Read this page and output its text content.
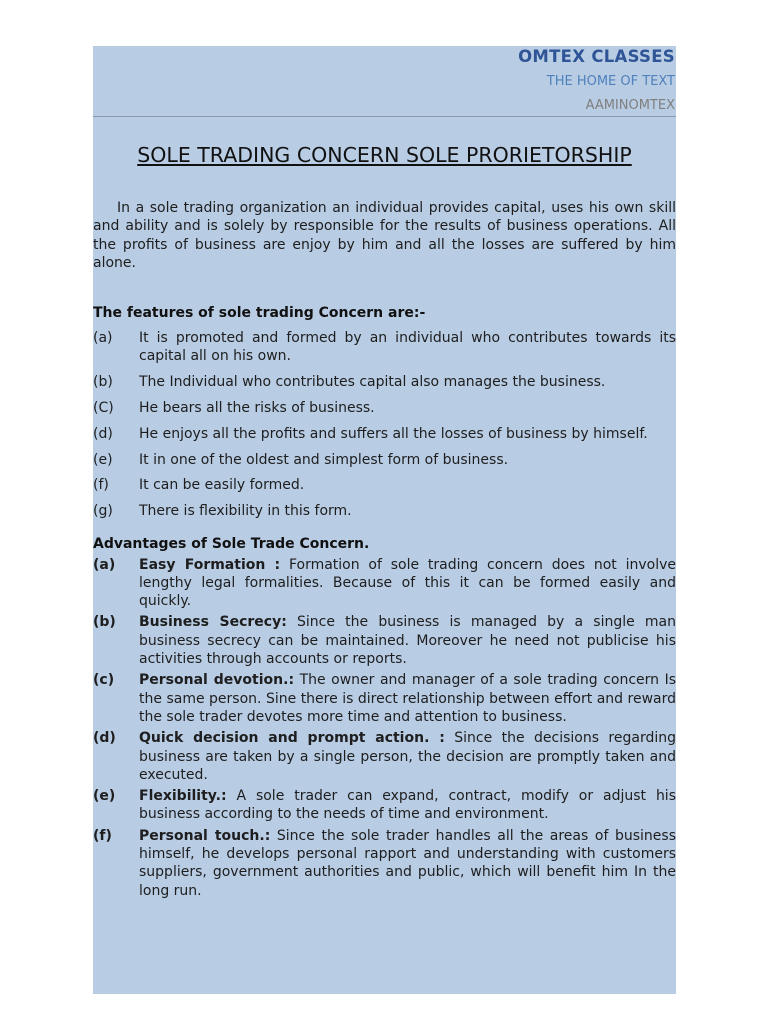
OMTEX CLASSES

THE HOME OF TEXT

AAMINOMTEX

SOLE TRADING CONCERN SOLE PRORIETORSHIP

In a sole trading organization an individual provides capital, uses his own skill and ability and is solely by responsible for the results of business operations. All the profits of business are enjoy by him and all the losses are suffered by him alone.

The features of sole trading Concern are:-
(a)	It is promoted and formed by an individual who contributes towards its capital all on his own.
(b)	The Individual who contributes capital also manages the business.
(C)	He bears all the risks of business.
(d)	He enjoys all the profits and suffers all the losses of business by himself.
(e)	It in one of the oldest and simplest form of business.
(f)	It can be easily formed.
(g)	There is flexibility in this form.
Advantages of Sole Trade Concern.
(a)	Easy Formation : Formation of sole trading concern does not involve lengthy legal formalities. Because of this it can be formed easily and quickly.
(b)	Business Secrecy: Since the business is managed by a single man business secrecy can be maintained. Moreover he need not publicise his activities through accounts or reports.
(c)	Personal devotion.: The owner and manager of a sole trading concern Is the same person. Sine there is direct relationship between effort and reward the sole trader devotes more time and attention to business.
(d)	Quick decision and prompt action. : Since the decisions regarding business are taken by a single person, the decision are promptly taken and executed.
(e)	Flexibility.: A sole trader can expand, contract, modify or adjust his business according to the needs of time and environment.
(f)	Personal touch.: Since the sole trader handles all the areas of business himself, he develops personal rapport and understanding with customers suppliers, government authorities and public, which will benefit him In the long run.
